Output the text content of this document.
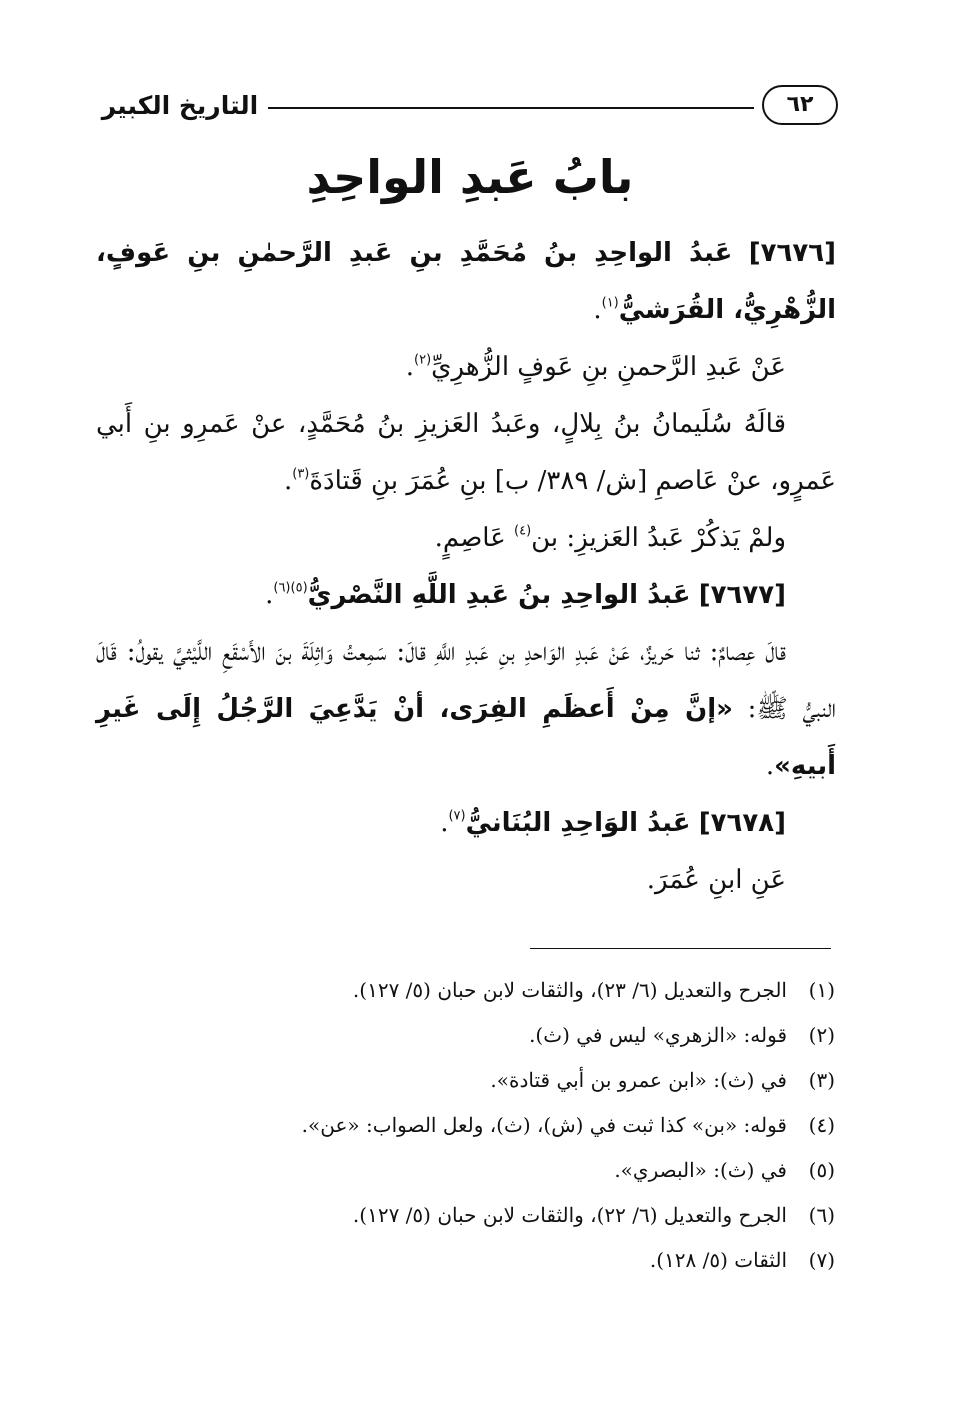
التاريخ الكبير	٦٢
بابُ عَبدِ الواحِدِ

[٧٦٧٦] عَبدُ الواحِدِ بنُ مُحَمَّدِ بنِ عَبدِ الرَّحمٰنِ بنِ عَوفٍ، الزُّهْرِيُّ، القُرَشيُّ$^{(١)}$.

عَنْ عَبدِ الرَّحمنِ بنِ عَوفٍ الزُّهرِيِّ$^{(٢)}$.

قالَهُ سُلَيمانُ بنُ بِلالٍ، وعَبدُ العَزيزِ بنُ مُحَمَّدٍ، عنْ عَمرِو بنِ أَبي عَمرٍو، عنْ عَاصمِ [ش/ ٣٨٩/ ب] بنِ عُمَرَ بنِ قَتادَةَ$^{(٣)}$.

ولمْ يَذكُرْ عَبدُ العَزيزِ: بن$^{(٤)}$ عَاصِمٍ.

[٧٦٧٧] عَبدُ الواحِدِ بنُ عَبدِ اللَّهِ النَّصْريُّ$^{(٥)(٦)}$.

قالَ عِصامٌ: ثنا حَريزٌ، عَنْ عَبدِ الوَاحدِ بنِ عَبدِ اللَّهِ قالَ: سَمِعتُ وَاثِلَةَ بنَ الأَسْقَعِ اللَّيْثيَّ يقولُ: قَالَ النبيُّ ﷺ: «إنَّ مِنْ أَعظَمِ الفِرَى، أنْ يَدَّعِيَ الرَّجُلُ إِلَى غَيرِ أَبيهِ».

[٧٦٧٨] عَبدُ الوَاحِدِ البُنَانيُّ$^{(٧)}$.

عَنِ ابنِ عُمَرَ.

(١)
الجرح والتعديل (٦/ ٢٣)، والثقات لابن حبان (٥/ ١٢٧).
(٢)
قوله: «الزهري» ليس في (ث).
(٣)
في (ث): «ابن عمرو بن أبي قتادة».
(٤)
قوله: «بن» كذا ثبت في (ش)، (ث)، ولعل الصواب: «عن».
(٥)
في (ث): «البصري».
(٦)
الجرح والتعديل (٦/ ٢٢)، والثقات لابن حبان (٥/ ١٢٧).
(٧)
الثقات (٥/ ١٢٨).
